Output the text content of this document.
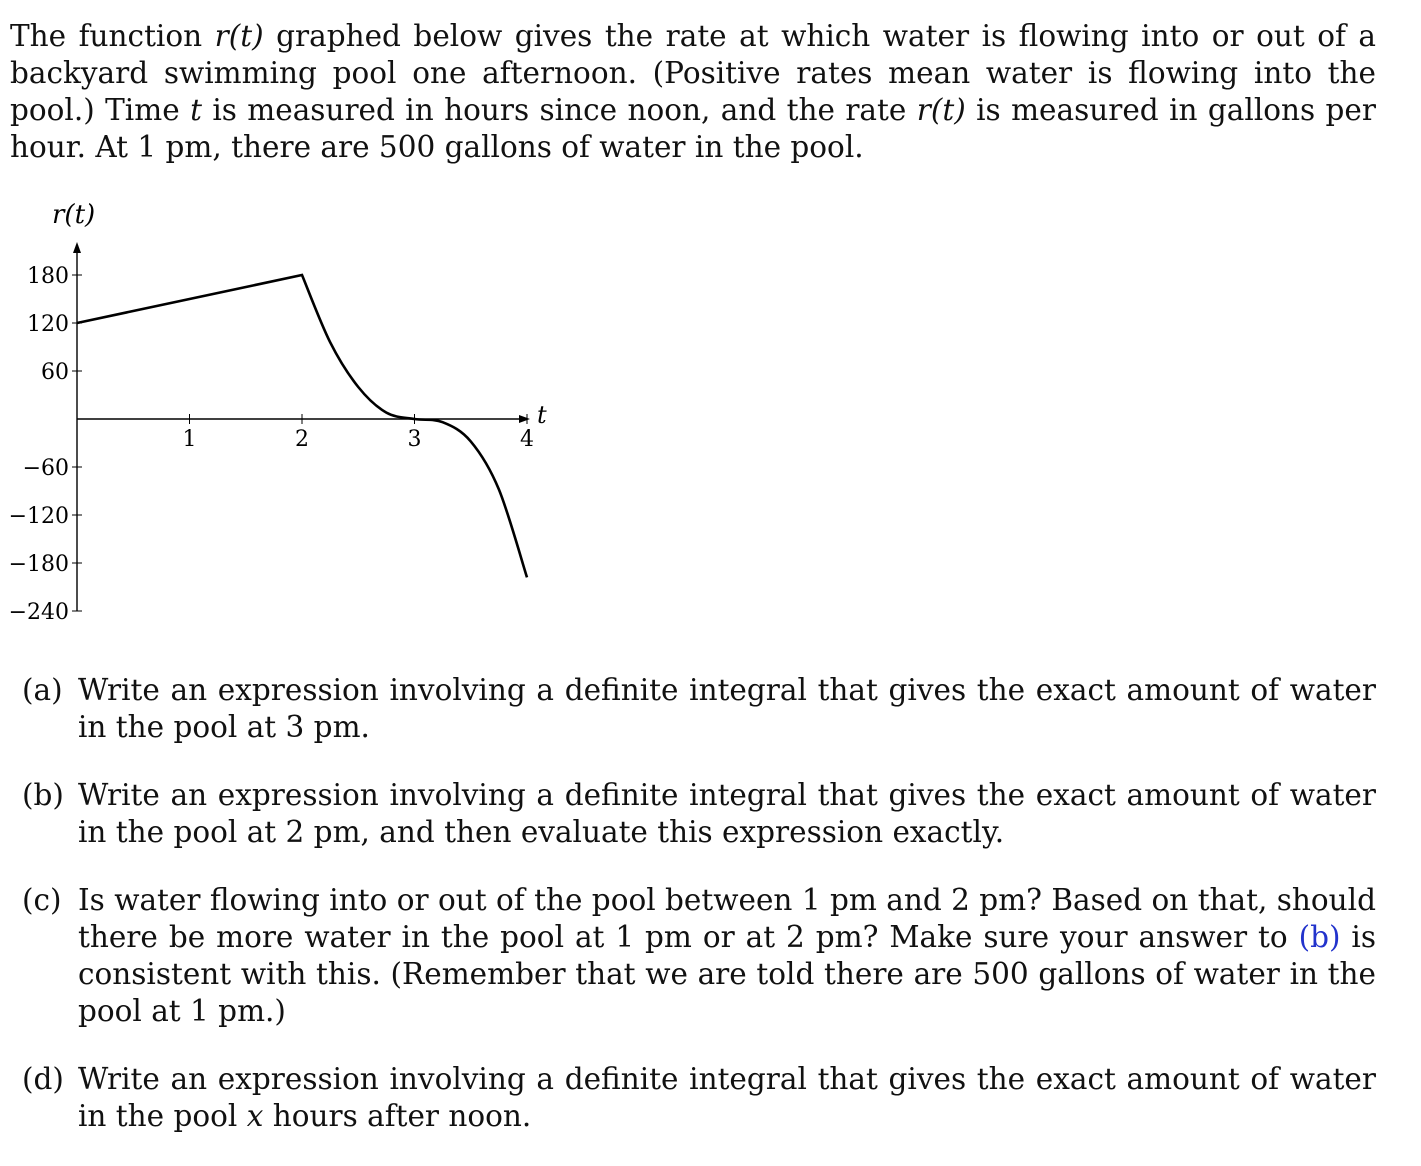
The function r(t) graphed below gives the rate at which water is flowing into or out of a backyard swimming pool one afternoon. (Positive rates mean water is flowing into the pool.) Time t is measured in hours since noon, and the rate r(t) is measured in gallons per hour. At 1 pm, there are 500 gallons of water in the pool.
1	2	3	4
180
120
60
−60
−120
−180
−240
r(t)
t
(a) Write an expression involving a definite integral that gives the exact amount of water in the pool at 3 pm.
(b) Write an expression involving a definite integral that gives the exact amount of water in the pool at 2 pm, and then evaluate this expression exactly.
(c) Is water flowing into or out of the pool between 1 pm and 2 pm? Based on that, should there be more water in the pool at 1 pm or at 2 pm? Make sure your answer to (b) is consistent with this. (Remember that we are told there are 500 gallons of water in the pool at 1 pm.)
(d) Write an expression involving a definite integral that gives the exact amount of water in the pool x hours after noon.
